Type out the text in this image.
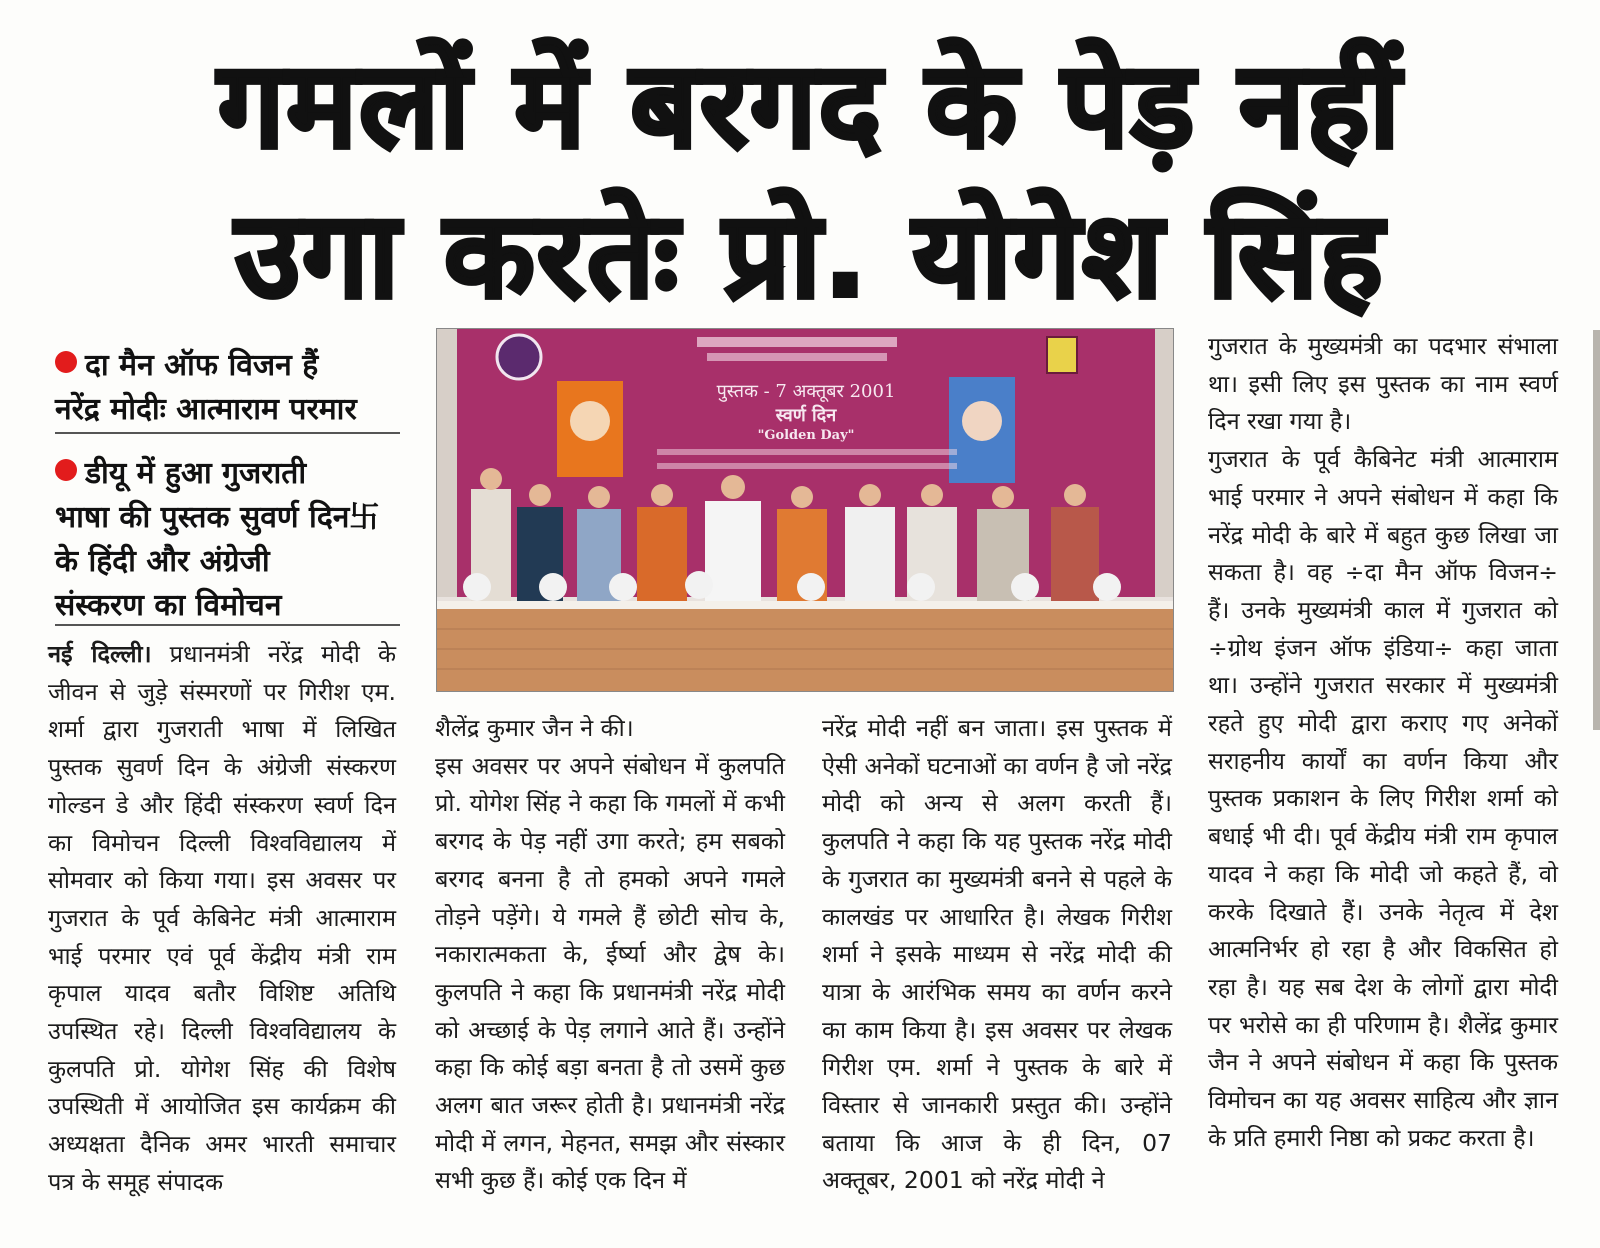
गमलों में बरगद के पेड़ नहीं
उगा करतेः प्रो. योगेश सिंह
दा मैन ऑफ विजन हैं
नरेंद्र मोदीः आत्माराम परमार
डीयू में हुआ गुजराती
भाषा की पुस्तक सुवर्ण दिन卐
के हिंदी और अंग्रेजी
संस्करण का विमोचन
पुस्तक - 7 अक्तूबर 2001
स्वर्ण दिन
"Golden Day"

नई दिल्ली। प्रधानमंत्री नरेंद्र मोदी के जीवन से जुड़े संस्मरणों पर गिरीश एम. शर्मा द्वारा गुजराती भाषा में लिखित पुस्तक सुवर्ण दिन के अंग्रेजी संस्करण गोल्डन डे और हिंदी संस्करण स्वर्ण दिन का विमोचन दिल्ली विश्वविद्यालय में सोमवार को किया गया। इस अवसर पर गुजरात के पूर्व केबिनेट मंत्री आत्माराम भाई परमार एवं पूर्व केंद्रीय मंत्री राम कृपाल यादव बतौर विशिष्ट अतिथि उपस्थित रहे। दिल्ली विश्वविद्यालय के कुलपति प्रो. योगेश सिंह की विशेष उपस्थिती में आयोजित इस कार्यक्रम की अध्यक्षता दैनिक अमर भारती समाचार पत्र के समूह संपादक

शैलेंद्र कुमार जैन ने की।

इस अवसर पर अपने संबोधन में कुलपति प्रो. योगेश सिंह ने कहा कि गमलों में कभी बरगद के पेड़ नहीं उगा करते; हम सबको बरगद बनना है तो हमको अपने गमले तोड़ने पड़ेंगे। ये गमले हैं छोटी सोच के, नकारात्मकता के, ईर्ष्या और द्वेष के। कुलपति ने कहा कि प्रधानमंत्री नरेंद्र मोदी को अच्छाई के पेड़ लगाने आते हैं। उन्होंने कहा कि कोई बड़ा बनता है तो उसमें कुछ अलग बात जरूर होती है। प्रधानमंत्री नरेंद्र मोदी में लगन, मेहनत, समझ और संस्कार सभी कुछ हैं। कोई एक दिन में

नरेंद्र मोदी नहीं बन जाता। इस पुस्तक में ऐसी अनेकों घटनाओं का वर्णन है जो नरेंद्र मोदी को अन्य से अलग करती हैं। कुलपति ने कहा कि यह पुस्तक नरेंद्र मोदी के गुजरात का मुख्यमंत्री बनने से पहले के कालखंड पर आधारित है। लेखक गिरीश शर्मा ने इसके माध्यम से नरेंद्र मोदी की यात्रा के आरंभिक समय का वर्णन करने का काम किया है। इस अवसर पर लेखक गिरीश एम. शर्मा ने पुस्तक के बारे में विस्तार से जानकारी प्रस्तुत की। उन्होंने बताया कि आज के ही दिन, 07 अक्तूबर, 2001 को नरेंद्र मोदी ने

गुजरात के मुख्यमंत्री का पदभार संभाला था। इसी लिए इस पुस्तक का नाम स्वर्ण दिन रखा गया है।

गुजरात के पूर्व कैबिनेट मंत्री आत्माराम भाई परमार ने अपने संबोधन में कहा कि नरेंद्र मोदी के बारे में बहुत कुछ लिखा जा सकता है। वह ÷दा मैन ऑफ विजन÷ हैं। उनके मुख्यमंत्री काल में गुजरात को ÷ग्रोथ इंजन ऑफ इंडिया÷ कहा जाता था। उन्होंने गुजरात सरकार में मुख्यमंत्री रहते हुए मोदी द्वारा कराए गए अनेकों सराहनीय कार्यों का वर्णन किया और पुस्तक प्रकाशन के लिए गिरीश शर्मा को बधाई भी दी। पूर्व केंद्रीय मंत्री राम कृपाल यादव ने कहा कि मोदी जो कहते हैं, वो करके दिखाते हैं। उनके नेतृत्व में देश आत्मनिर्भर हो रहा है और विकसित हो रहा है। यह सब देश के लोगों द्वारा मोदी पर भरोसे का ही परिणाम है। शैलेंद्र कुमार जैन ने अपने संबोधन में कहा कि पुस्तक विमोचन का यह अवसर साहित्य और ज्ञान के प्रति हमारी निष्ठा को प्रकट करता है।
